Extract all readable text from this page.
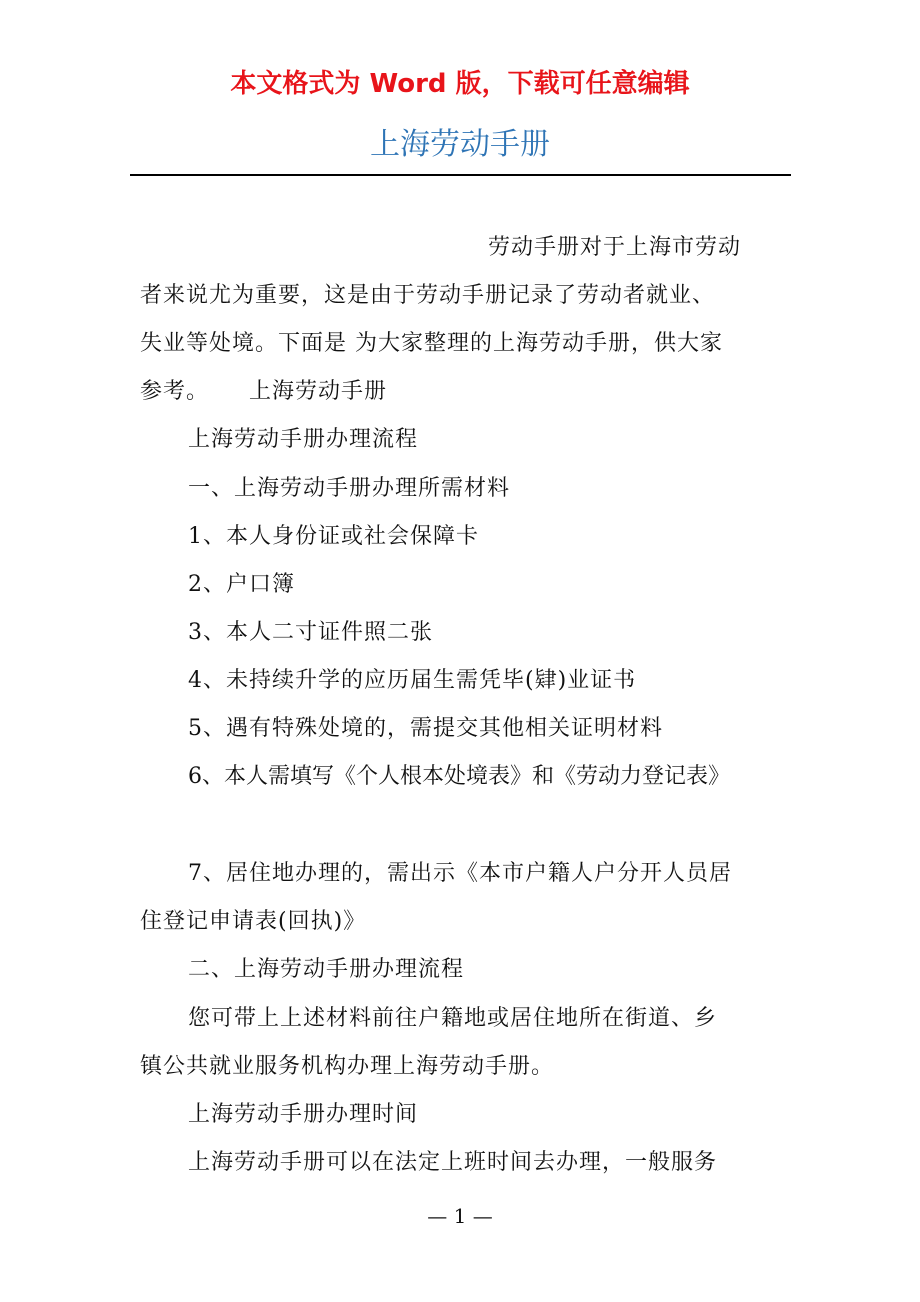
本文格式为 Word 版，下载可任意编辑

上海劳动手册

劳动手册对于上海市劳动

者来说尤为重要，这是由于劳动手册记录了劳动者就业、

失业等处境。下面是 为大家整理的上海劳动手册，供大家

参考。     上海劳动手册

上海劳动手册办理流程

一、上海劳动手册办理所需材料

1、本人身份证或社会保障卡

2、户口簿

3、本人二寸证件照二张

4、未持续升学的应历届生需凭毕(肄)业证书

5、遇有特殊处境的，需提交其他相关证明材料

6、本人需填写《个人根本处境表》和《劳动力登记表》

7、居住地办理的，需出示《本市户籍人户分开人员居

住登记申请表(回执)》

二、上海劳动手册办理流程

您可带上上述材料前往户籍地或居住地所在街道、乡

镇公共就业服务机构办理上海劳动手册。

上海劳动手册办理时间

上海劳动手册可以在法定上班时间去办理，一般服务

— 1 —
